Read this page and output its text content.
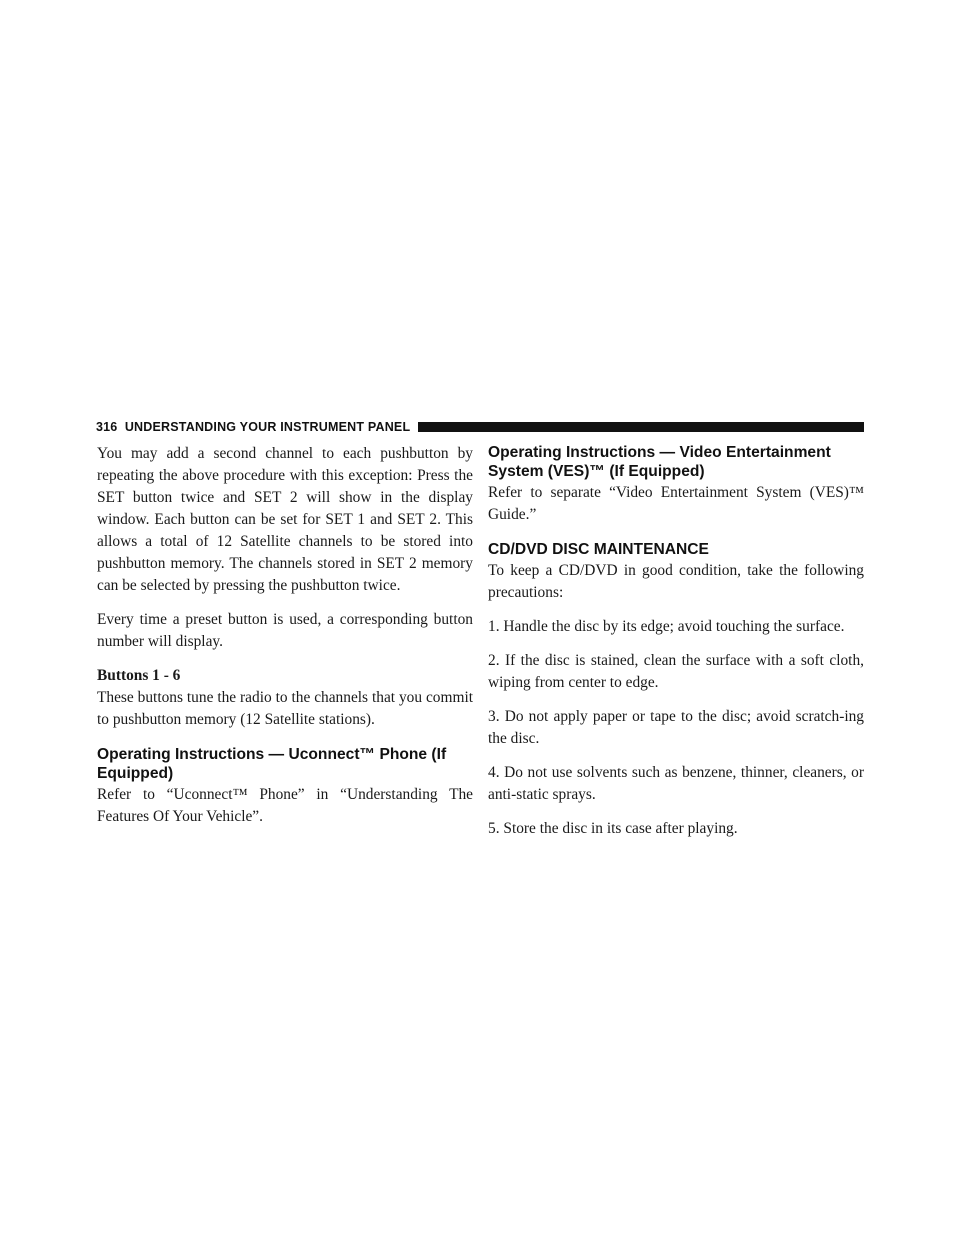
316 UNDERSTANDING YOUR INSTRUMENT PANEL

You may add a second channel to each pushbutton by repeating the above procedure with this exception: Press the SET button twice and SET 2 will show in the display window. Each button can be set for SET 1 and SET 2. This allows a total of 12 Satellite channels to be stored into pushbutton memory. The channels stored in SET 2 memory can be selected by pressing the pushbutton twice.

Every time a preset button is used, a corresponding button number will display.

Buttons 1 - 6

These buttons tune the radio to the channels that you commit to pushbutton memory (12 Satellite stations).

Operating Instructions — Uconnect™ Phone (If Equipped)

Refer to “Uconnect™ Phone” in “Understanding The Features Of Your Vehicle”.

Operating Instructions — Video Entertainment System (VES)™ (If Equipped)

Refer to separate “Video Entertainment System (VES)™ Guide.”

CD/DVD DISC MAINTENANCE

To keep a CD/DVD in good condition, take the following precautions:

1. Handle the disc by its edge; avoid touching the surface.

2. If the disc is stained, clean the surface with a soft cloth, wiping from center to edge.

3. Do not apply paper or tape to the disc; avoid scratch-ing the disc.

4. Do not use solvents such as benzene, thinner, cleaners, or anti-static sprays.

5. Store the disc in its case after playing.
